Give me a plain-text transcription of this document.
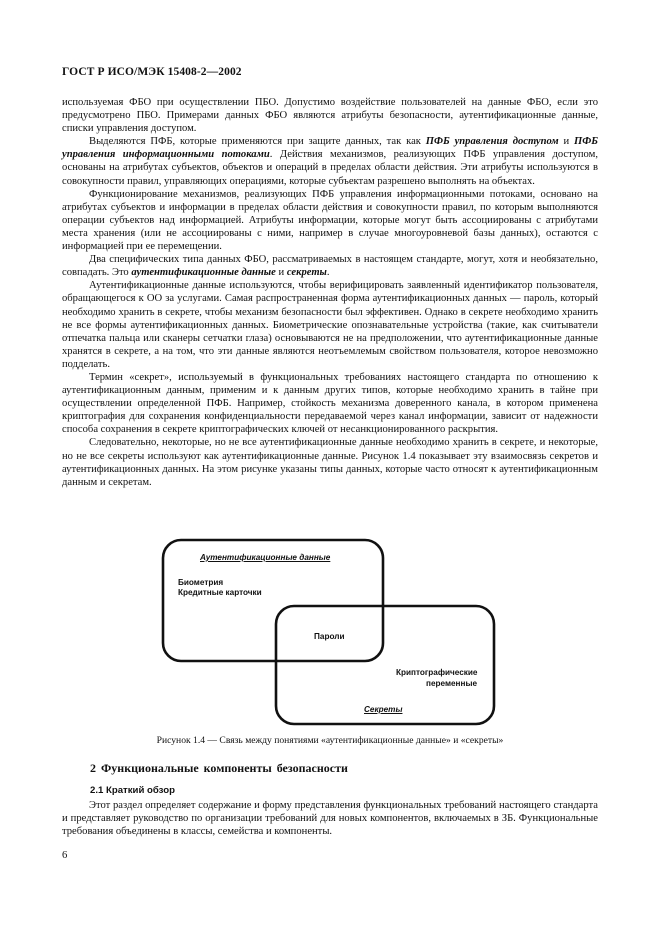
ГОСТ Р ИСО/МЭК 15408-2—2002

используемая ФБО при осуществлении ПБО. Допустимо воздействие пользователей на данные ФБО, если это предусмотрено ПБО. Примерами данных ФБО являются атрибуты безопасности, аутентификационные данные, списки управления доступом.

Выделяются ПФБ, которые применяются при защите данных, так как ПФБ управления доступом и ПФБ управления информационными потоками. Действия механизмов, реализующих ПФБ управления доступом, основаны на атрибутах субъектов, объектов и операций в пределах области действия. Эти атрибуты используются в совокупности правил, управляющих операциями, которые субъектам разрешено выполнять на объектах.

Функционирование механизмов, реализующих ПФБ управления информационными потоками, основано на атрибутах субъектов и информации в пределах области действия и совокупности правил, по которым выполняются операции субъектов над информацией. Атрибуты информации, которые могут быть ассоциированы с атрибутами места хранения (или не ассоциированы с ними, например в случае многоуровневой базы данных), остаются с информацией при ее перемещении.

Два специфических типа данных ФБО, рассматриваемых в настоящем стандарте, могут, хотя и необязательно, совпадать. Это аутентификационные данные и секреты.

Аутентификационные данные используются, чтобы верифицировать заявленный идентификатор пользователя, обращающегося к ОО за услугами. Самая распространенная форма аутентификационных данных — пароль, который необходимо хранить в секрете, чтобы механизм безопасности был эффективен. Однако в секрете необходимо хранить не все формы аутентификационных данных. Биометрические опознавательные устройства (такие, как считыватели отпечатка пальца или сканеры сетчатки глаза) основываются не на предположении, что аутентификационные данные хранятся в секрете, а на том, что эти данные являются неотъемлемым свойством пользователя, которое невозможно подделать.

Термин «секрет», используемый в функциональных требованиях настоящего стандарта по отношению к аутентификационным данным, применим и к данным других типов, которые необходимо хранить в тайне при осуществлении определенной ПФБ. Например, стойкость механизма доверенного канала, в котором применена криптография для сохранения конфиденциальности передаваемой через канал информации, зависит от надежности способа сохранения в секрете криптографических ключей от несанкционированного раскрытия.

Следовательно, некоторые, но не все аутентификационные данные необходимо хранить в секрете, и некоторые, но не все секреты используют как аутентификационные данные. Рисунок 1.4 показывает эту взаимосвязь секретов и аутентификационных данных. На этом рисунке указаны типы данных, которые часто относят к аутентификационным данным и секретам.

Аутентификационные данные
Биометрия
Кредитные карточки
Пароли
Криптографические
переменные
Секреты
Рисунок 1.4 — Связь между понятиями «аутентификационные данные» и «секреты»
2 Функциональные компоненты безопасности
2.1 Краткий обзор

Этот раздел определяет содержание и форму представления функциональных требований настоящего стандарта и представляет руководство по организации требований для новых компонентов, включаемых в ЗБ. Функциональные требования объединены в классы, семейства и компоненты.

6
